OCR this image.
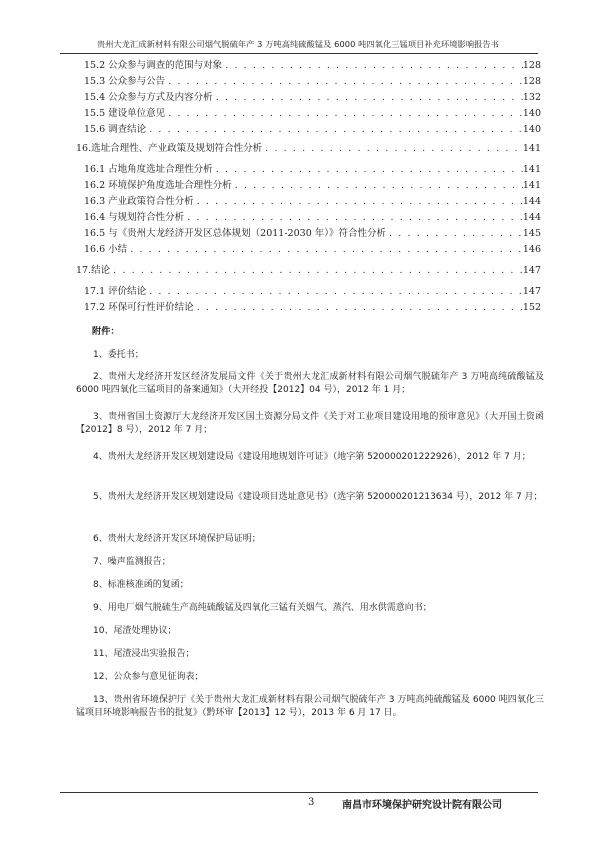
贵州大龙汇成新材料有限公司烟气脱硫年产 3 万吨高纯硫酸锰及 6000 吨四氧化三锰项目补充环境影响报告书
15.2 公众参与调查的范围与对象 . . .	128
15.3 公众参与公告 . . .	128
15.4 公众参与方式及内容分析 . . .	132
15.5 建设单位意见 . . .	140
15.6 调查结论 . . .	140
16.选址合理性、产业政策及规划符合性分析 . . .	141
16.1 占地角度选址合理性分析 . . .	141
16.2 环境保护角度选址合理性分析 . . .	141
16.3 产业政策符合性分析 . . .	144
16.4 与规划符合性分析 . . .	144
16.5 与《贵州大龙经济开发区总体规划（2011-2030 年）》符合性分析 . . .	145
16.6 小结 . . .	146
17.结论 . . .	147
17.1 评价结论 . . .	147
17.2 环保可行性评价结论 . . .	152
附件：
1、委托书；
2、贵州大龙经济开发区经济发展局文件《关于贵州大龙汇成新材料有限公司烟气脱硫年产 3 万吨高纯硫酸锰及 6000 吨四氧化三锰项目的备案通知》（大开经投【2012】04 号），2012 年 1 月；
3、贵州省国土资源厅大龙经济开发区国土资源分局文件《关于对工业项目建设用地的预审意见》（大开国土资函【2012】8 号），2012 年 7 月；
4、贵州大龙经济开发区规划建设局《建设用地规划许可证》（地字第 520000201222926），2012 年 7 月；
5、贵州大龙经济开发区规划建设局《建设项目选址意见书》（选字第 520000201213634 号），2012 年 7 月；
6、贵州大龙经济开发区环境保护局证明；
7、噪声监测报告；
8、标准核准函的复函；
9、用电厂烟气脱硫生产高纯硫酸锰及四氧化三锰有关烟气、蒸汽、用水供需意向书；
10、尾渣处理协议；
11、尾渣浸出实验报告；
12、公众参与意见征询表；
13、贵州省环境保护厅《关于贵州大龙汇成新材料有限公司烟气脱硫年产 3 万吨高纯硫酸锰及 6000 吨四氧化三锰项目环境影响报告书的批复》（黔环审【2013】12 号），2013 年 6 月 17 日。
3	南昌市环境保护研究设计院有限公司
